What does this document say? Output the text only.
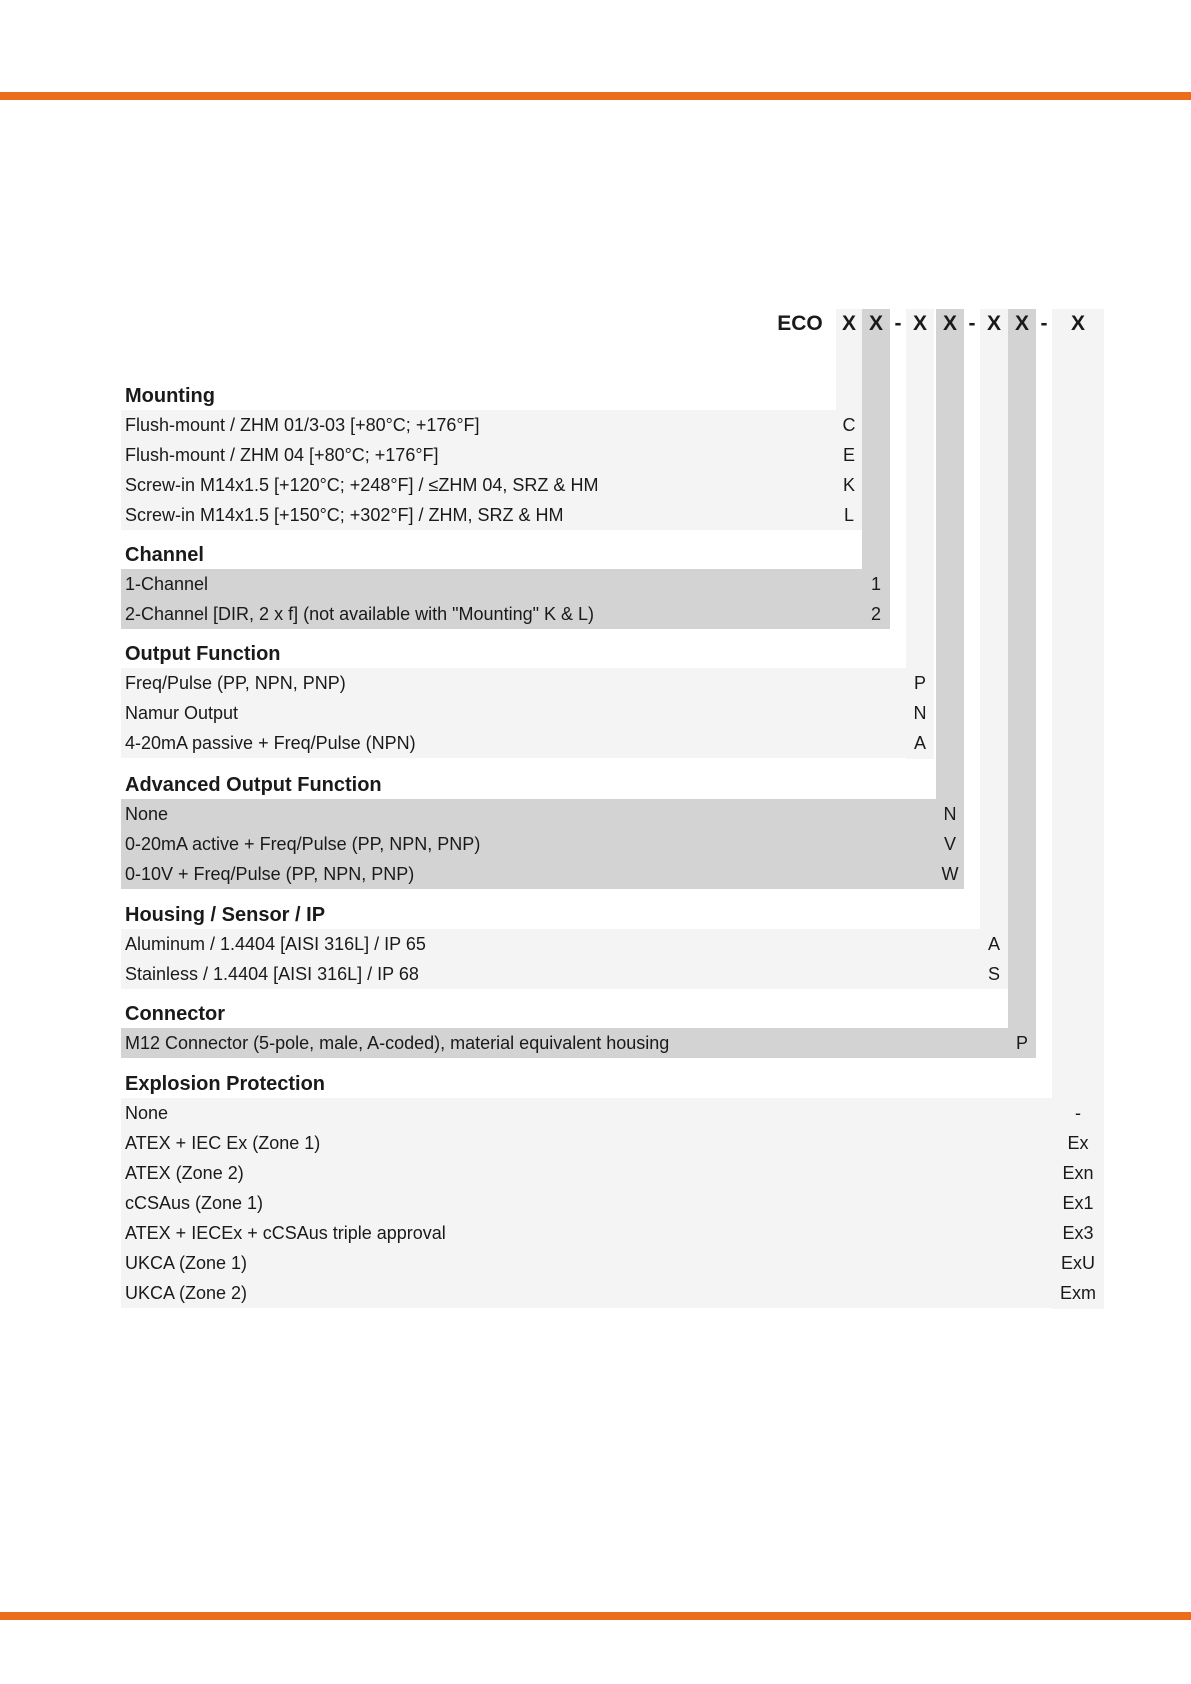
ECO X X - X X - X X -	X
Mounting
Flush-mount / ZHM 01/3-03 [+80°C; +176°F]	C
Flush-mount / ZHM 04 [+80°C; +176°F]	E
Screw-in M14x1.5 [+120°C; +248°F] / ≤ZHM 04, SRZ & HM	K
Screw-in M14x1.5 [+150°C; +302°F] / ZHM, SRZ & HM	L
Channel
1-Channel	1
2-Channel [DIR, 2 x f] (not available with "Mounting" K & L)	2
Output Function
Freq/Pulse (PP, NPN, PNP)	P
Namur Output	N
4-20mA passive + Freq/Pulse (NPN)	A
Advanced Output Function
None	N
0-20mA active + Freq/Pulse (PP, NPN, PNP)	V
0-10V + Freq/Pulse (PP, NPN, PNP)	W
Housing / Sensor / IP
Aluminum / 1.4404 [AISI 316L] / IP 65	A
Stainless / 1.4404 [AISI 316L] / IP 68	S
Connector
M12 Connector (5-pole, male, A-coded), material equivalent housing	P
Explosion Protection
None	-
ATEX + IEC Ex (Zone 1)	Ex
ATEX (Zone 2)	Exn
cCSAus (Zone 1)	Ex1
ATEX + IECEx + cCSAus triple approval	Ex3
UKCA (Zone 1)	ExU
UKCA (Zone 2)	Exm
